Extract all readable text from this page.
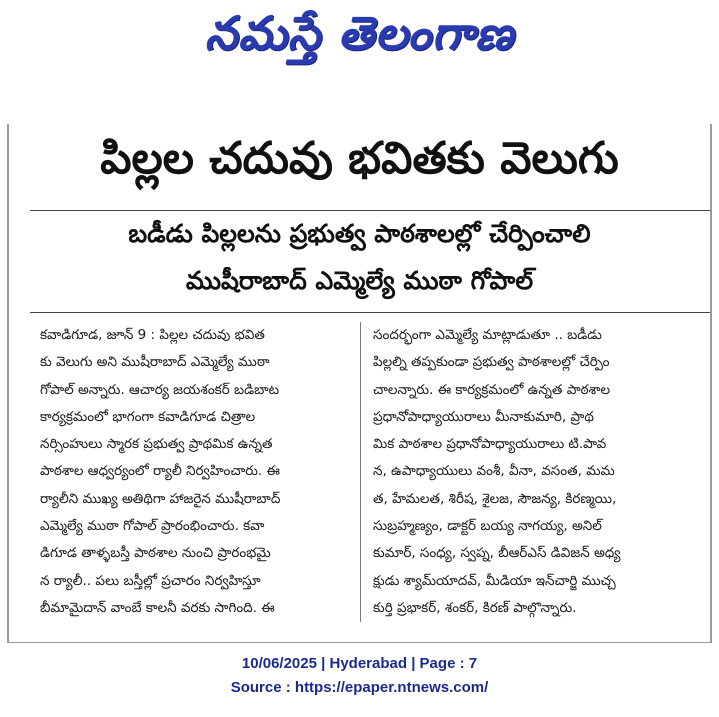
నమస్తే తెలంగాణ
పిల్లల చదువు భవితకు వెలుగు
బడీడు పిల్లలను ప్రభుత్వ పాఠశాలల్లో చేర్పించాలి
ముషీరాబాద్ ఎమ్మెల్యే ముఠా గోపాల్
కవాడిగూడ, జూన్ 9 : పిల్లల చదువు భవిత
కు వెలుగు అని ముషీరాబాద్ ఎమ్మెల్యే ముఠా
గోపాల్ అన్నారు. ఆచార్య జయశంకర్ బడిబాట
కార్యక్రమంలో భాగంగా కవాడిగూడ చిత్రాల
నర్సింహులు స్మారక ప్రభుత్వ ప్రాథమిక ఉన్నత
పాఠశాల ఆధ్వర్యంలో ర్యాలీ నిర్వహించారు. ఈ
ర్యాలీని ముఖ్య అతిథిగా హాజరైన ముషీరాబాద్
ఎమ్మెల్యే ముఠా గోపాల్ ప్రారంభించారు. కవా
డిగూడ తాళ్ళబస్తీ పాఠశాల నుంచి ప్రారంభమై
న ర్యాలీ.. పలు బస్తీల్లో ప్రచారం నిర్వహిస్తూ
బీమామైదాన్ వాంబే కాలనీ వరకు సాగింది. ఈ
సందర్భంగా ఎమ్మెల్యే మాట్లాడుతూ .. బడీడు
పిల్లల్ని తప్పకుండా ప్రభుత్వ పాఠశాలల్లో చేర్పిం
చాలన్నారు. ఈ కార్యక్రమంలో ఉన్నత పాఠశాల
ప్రధానోపాధ్యాయురాలు మీనాకుమారి, ప్రాథ
మిక పాఠశాల ప్రధానోపాధ్యాయురాలు టి.పావ
న, ఉపాధ్యాయులు వంశీ, వీనా, వసంత, మమ
త, హేమలత, శిరీష, శైలజ, సౌజన్య, కిరణ్మయి,
సుబ్రహ్మణ్యం, డాక్టర్ బయ్య నాగయ్య, అనిల్
కుమార్, సంధ్య, స్వప్న, బీఆర్ఎస్ డివిజన్ అధ్య
క్షుడు శ్యామ్‌యాదవ్, మీడియా ఇన్‌చార్జి ముచ్చ
కుర్తి ప్రభాకర్, శంకర్, కిరణ్ పాల్గొన్నారు.
10/06/2025 | Hyderabad | Page : 7
Source : https://epaper.ntnews.com/
